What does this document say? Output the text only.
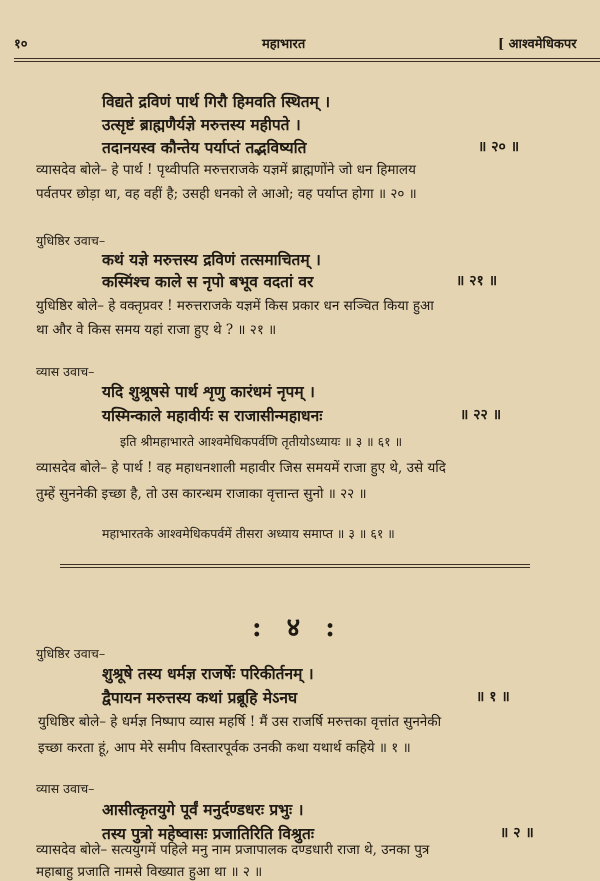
१०	महाभारत	[ आश्वमेधिकपर
विद्यते द्रविणं पार्थ गिरौ हिमवति स्थितम् ।
उत्सृष्टं ब्राह्मणैर्यज्ञे मरुत्तस्य महीपते ।
तदानयस्व कौन्तेय पर्याप्तं तद्भविष्यति	॥ २० ॥
व्यासदेव बोले– हे पार्थ ! पृथ्वीपति मरुत्तराजके यज्ञमें ब्राह्मणोंने जो धन हिमालय
पर्वतपर छोड़ा था, वह वहीं है; उसही धनको ले आओ; वह पर्याप्त होगा ॥ २० ॥
युधिष्ठिर उवाच–
कथं यज्ञे मरुत्तस्य द्रविणं तत्समाचितम् ।
कस्मिंश्च काले स नृपो बभूव वदतां वर	॥ २१ ॥
युधिष्ठिर बोले– हे वक्तृप्रवर ! मरुत्तराजके यज्ञमें किस प्रकार धन सञ्चित किया हुआ
था और वे किस समय यहां राजा हुए थे ? ॥ २१ ॥
व्यास उवाच–
यदि शुश्रूषसे पार्थ शृणु कारंधमं नृपम् ।
यस्मिन्काले महावीर्यः स राजासीन्महाधनः	॥ २२ ॥
इति श्रीमहाभारते आश्वमेधिकपर्वणि तृतीयोऽध्यायः ॥ ३ ॥ ६१ ॥
व्यासदेव बोले– हे पार्थ ! वह महाधनशाली महावीर जिस समयमें राजा हुए थे, उसे यदि
तुम्हें सुननेकी इच्छा है, तो उस कारन्धम राजाका वृत्तान्त सुनो ॥ २२ ॥
महाभारतके आश्वमेधिकपर्वमें तीसरा अध्याय समाप्त ॥ ३ ॥ ६१ ॥
: ४ :
युधिष्ठिर उवाच–
शुश्रूषे तस्य धर्मज्ञ राजर्षेः परिकीर्तनम् ।
द्वैपायन मरुत्तस्य कथां प्रब्रूहि मेऽनघ	॥ १ ॥
युधिष्ठिर बोले– हे धर्मज्ञ निष्पाप व्यास महर्षि ! मैं उस राजर्षि मरुत्तका वृत्तांत सुननेकी
इच्छा करता हूं, आप मेरे समीप विस्तारपूर्वक उनकी कथा यथार्थ कहिये ॥ १ ॥
व्यास उवाच–
आसीत्कृतयुगे पूर्वं मनुर्दण्डधरः प्रभुः ।
तस्य पुत्रो महेष्वासः प्रजातिरिति विश्रुतः	॥ २ ॥
व्यासदेव बोले– सत्ययुगमें पहिले मनु नाम प्रजापालक दण्डधारी राजा थे, उनका पुत्र
महाबाहु प्रजाति नामसे विख्यात हुआ था ॥ २ ॥
